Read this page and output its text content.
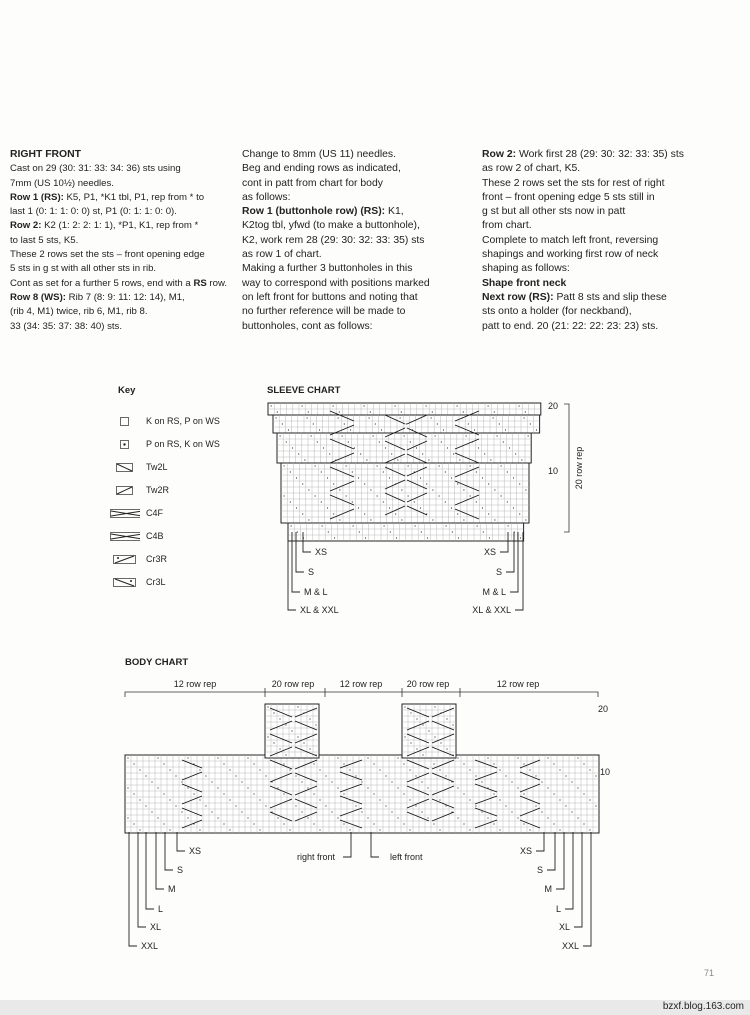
RIGHT FRONT

Cast on 29 (30: 31: 33: 34: 36) sts using

7mm (US 10½) needles.

Row 1 (RS): K5, P1, *K1 tbl, P1, rep from * to

last 1 (0: 1: 1: 0: 0) st, P1 (0: 1: 1: 0: 0).

Row 2: K2 (1: 2: 2: 1: 1), *P1, K1, rep from *

to last 5 sts, K5.

These 2 rows set the sts – front opening edge

5 sts in g st with all other sts in rib.

Cont as set for a further 5 rows, end with a RS row.

Row 8 (WS): Rib 7 (8: 9: 11: 12: 14), M1,

(rib 4, M1) twice, rib 6, M1, rib 8.

33 (34: 35: 37: 38: 40) sts.

Change to 8mm (US 11) needles.

Beg and ending rows as indicated,

cont in patt from chart for body

as follows:

Row 1 (buttonhole row) (RS): K1,

K2tog tbl, yfwd (to make a buttonhole),

K2, work rem 28 (29: 30: 32: 33: 35) sts

as row 1 of chart.

Making a further 3 buttonholes in this

way to correspond with positions marked

on left front for buttons and noting that

no further reference will be made to

buttonholes, cont as follows:

Row 2: Work first 28 (29: 30: 32: 33: 35) sts

as row 2 of chart, K5.

These 2 rows set the sts for rest of right

front – front opening edge 5 sts still in

g st but all other sts now in patt

from chart.

Complete to match left front, reversing

shapings and working first row of neck

shaping as follows:

Shape front neck

Next row (RS): Patt 8 sts and slip these

sts onto a holder (for neckband),

patt to end. 20 (21: 22: 22: 23: 23) sts.

Key
K on RS, P on WS
P on RS, K on WS
Tw2L
Tw2R
C4F
C4B
Cr3R
Cr3L
SLEEVE CHART
20
10 20 row rep
XS
S
M & L
XL & XXL
XS
S
M & L
XL & XXL
12 row rep	20 row rep	12 row rep	20 row rep	12 row rep
20
10
right front	left front
XS
S
M
L
XL
XXL
XS
S
M
L
XL
XXL
BODY CHART
71
bzxf.blog.163.com
